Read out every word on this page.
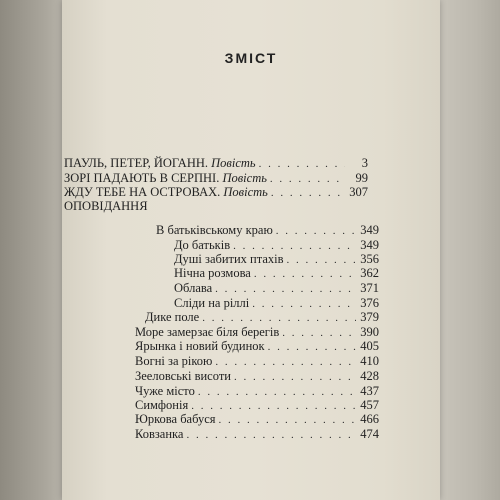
ЗМІСТ
ПАУЛЬ, ПЕТЕР, ЙОГАНН. Повість . . .	3
ЗОРІ ПАДАЮТЬ В СЕРПНІ. Повість . . .	99
ЖДУ ТЕБЕ НА ОСТРОВАХ. Повість . . .	307
ОПОВІДАННЯ
В батьківському краю . . .	349
До батьків . . .	349
Душі забитих птахів . . .	356
Нічна розмова . . .	362
Облава . . .	371
Сліди на ріллі . . .	376
Дике поле . . .	379
Море замерзає біля берегів . . .	390
Ярынка і новий будинок . . .	405
Вогні за рікою . . .	410
Зееловські висоти . . .	428
Чуже місто . . .	437
Симфонія . . .	457
Юркова бабуся . . .	466
Ковзанка . . .	474
